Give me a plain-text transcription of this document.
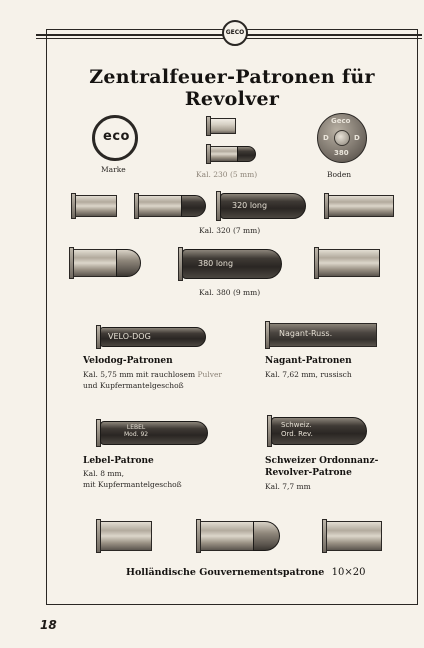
GECO
Zentralfeuer-Patronen für Revolver
eco
Marke
Kal. 230 (5 mm)
Geco
D	D
380
Boden
320 long
Kal. 320 (7 mm)
380 long
Kal. 380 (9 mm)
VELO-DOG
Velodog-Patronen
Kal. 5,75 mm mit rauchlosem Pulver
und Kupfermantelgeschoß
Nagant-Russ.
Nagant-Patronen
Kal. 7,62 mm, russisch
LEBEL
Mod. 92
Lebel-Patrone
Kal. 8 mm,
mit Kupfermantelgeschoß
Schweiz.
Ord. Rev.
Schweizer Ordonnanz-
Revolver-Patrone
Kal. 7,7 mm
Holländische Gouvernementspatrone 10×20
18
